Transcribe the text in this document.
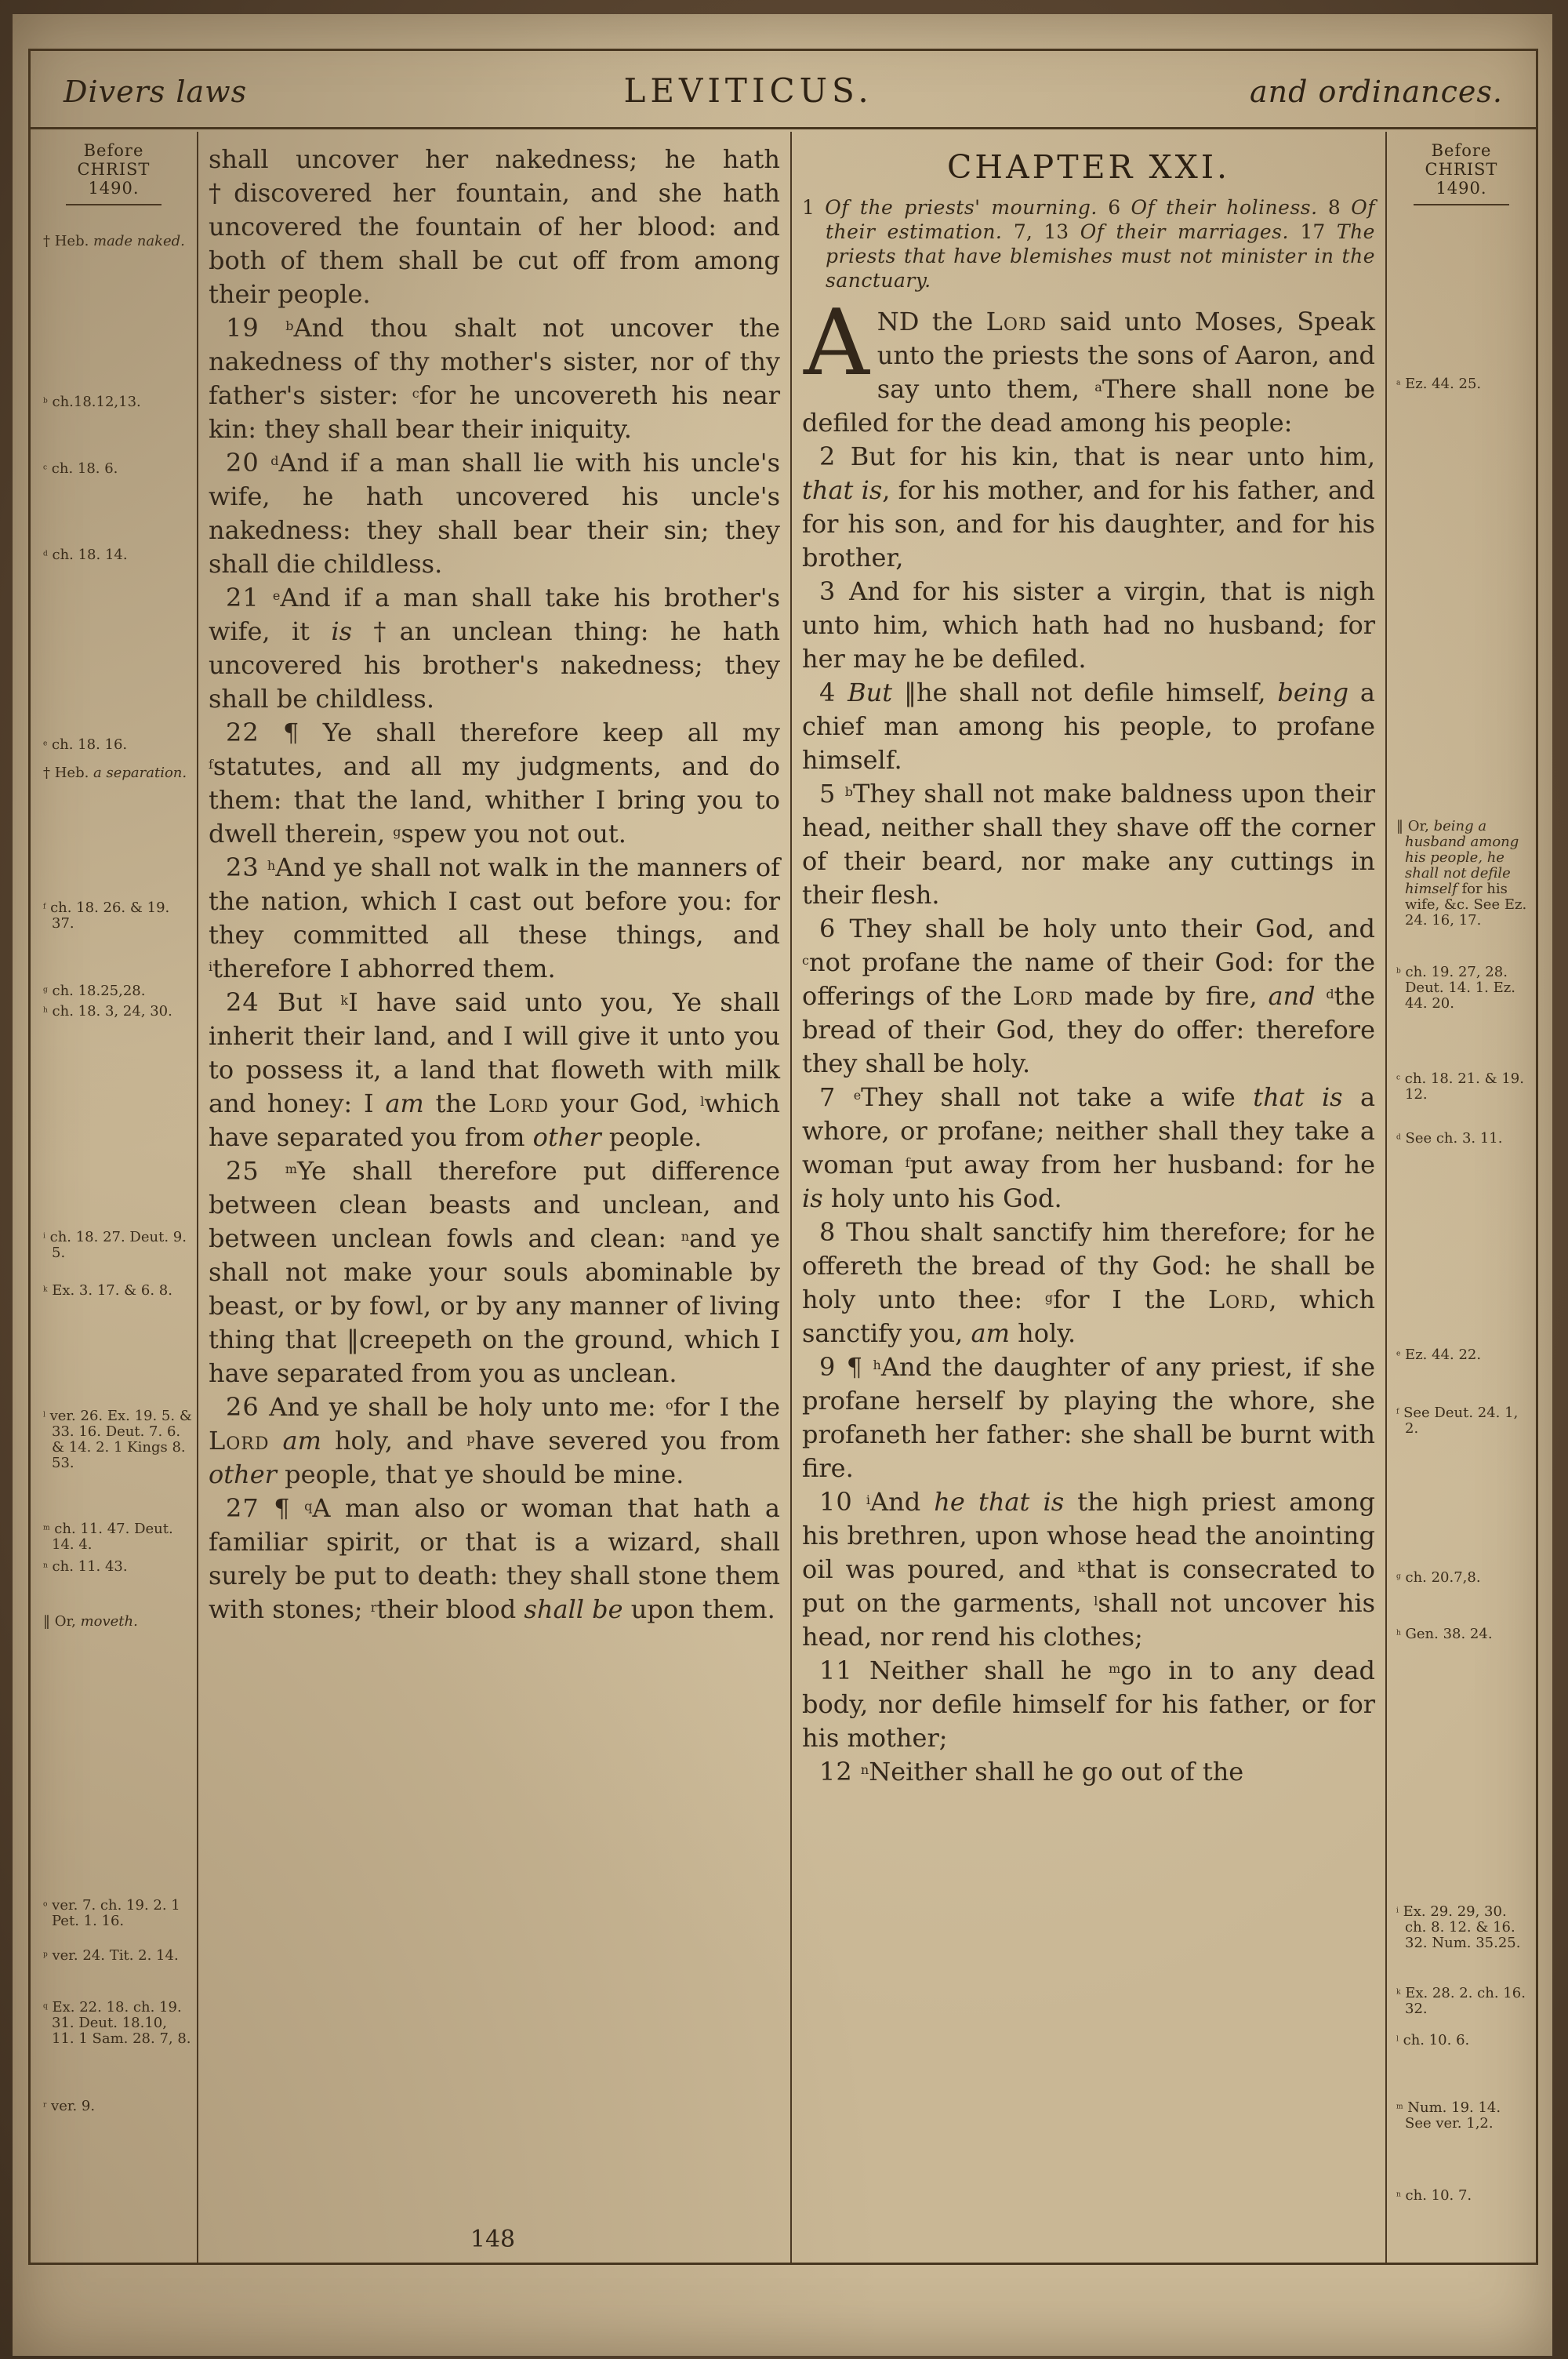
Divers laws	LEVITICUS.	and ordinances.
Before
CHRIST
1490.
† Heb. made naked.
$^b$ ch.18.12,13.
$^c$ ch. 18. 6.
$^d$ ch. 18. 14.
$^e$ ch. 18. 16.
† Heb. a separation.
$^f$ ch. 18. 26. & 19. 37.
$^g$ ch. 18.25,28.
$^h$ ch. 18. 3, 24, 30.
$^i$ ch. 18. 27. Deut. 9. 5.
$^k$ Ex. 3. 17. & 6. 8.
$^l$ ver. 26. Ex. 19. 5. & 33. 16. Deut. 7. 6. & 14. 2. 1 Kings 8. 53.
$^m$ ch. 11. 47. Deut. 14. 4.
$^n$ ch. 11. 43.
‖ Or, moveth.
$^o$ ver. 7. ch. 19. 2. 1 Pet. 1. 16.
$^p$ ver. 24. Tit. 2. 14.
$^q$ Ex. 22. 18. ch. 19. 31. Deut. 18.10, 11. 1 Sam. 28. 7, 8.
$^r$ ver. 9.

shall uncover her nakedness; he hath †discovered her fountain, and she hath uncovered the fountain of her blood: and both of them shall be cut off from among their people.

19 $^b$And thou shalt not uncover the nakedness of thy mother's sister, nor of thy father's sister: $^c$for he uncovereth his near kin: they shall bear their iniquity.

20 $^d$And if a man shall lie with his uncle's wife, he hath uncovered his uncle's nakedness: they shall bear their sin; they shall die childless.

21 $^e$And if a man shall take his brother's wife, it is †an unclean thing: he hath uncovered his brother's nakedness; they shall be childless.

22 ¶ Ye shall therefore keep all my $^f$statutes, and all my judgments, and do them: that the land, whither I bring you to dwell therein, $^g$spew you not out.

23 $^h$And ye shall not walk in the manners of the nation, which I cast out before you: for they committed all these things, and $^i$therefore I abhorred them.

24 But $^k$I have said unto you, Ye shall inherit their land, and I will give it unto you to possess it, a land that floweth with milk and honey: I am the Lord your God, $^l$which have separated you from other people.

25 $^m$Ye shall therefore put difference between clean beasts and unclean, and between unclean fowls and clean: $^n$and ye shall not make your souls abominable by beast, or by fowl, or by any manner of living thing that ‖creepeth on the ground, which I have separated from you as unclean.

26 And ye shall be holy unto me: $^o$for I the Lord am holy, and $^p$have severed you from other people, that ye should be mine.

27 ¶ $^q$A man also or woman that hath a familiar spirit, or that is a wizard, shall surely be put to death: they shall stone them with stones; $^r$their blood shall be upon them.

CHAPTER XXI.

1 Of the priests' mourning. 6 Of their holiness. 8 Of their estimation. 7, 13 Of their marriages. 17 The priests that have blemishes must not minister in the sanctuary.

AND the Lord said unto Moses, Speak unto the priests the sons of Aaron, and say unto them, $^a$There shall none be defiled for the dead among his people:

2 But for his kin, that is near unto him, that is, for his mother, and for his father, and for his son, and for his daughter, and for his brother,

3 And for his sister a virgin, that is nigh unto him, which hath had no husband; for her may he be defiled.

4 But ‖he shall not defile himself, being a chief man among his people, to profane himself.

5 $^b$They shall not make baldness upon their head, neither shall they shave off the corner of their beard, nor make any cuttings in their flesh.

6 They shall be holy unto their God, and $^c$not profane the name of their God: for the offerings of the Lord made by fire, and $^d$the bread of their God, they do offer: therefore they shall be holy.

7 $^e$They shall not take a wife that is a whore, or profane; neither shall they take a woman $^f$put away from her husband: for he is holy unto his God.

8 Thou shalt sanctify him therefore; for he offereth the bread of thy God: he shall be holy unto thee: $^g$for I the Lord, which sanctify you, am holy.

9 ¶ $^h$And the daughter of any priest, if she profane herself by playing the whore, she profaneth her father: she shall be burnt with fire.

10 $^i$And he that is the high priest among his brethren, upon whose head the anointing oil was poured, and $^k$that is consecrated to put on the garments, $^l$shall not uncover his head, nor rend his clothes;

11 Neither shall he $^m$go in to any dead body, nor defile himself for his father, or for his mother;

12 $^n$Neither shall he go out of the

Before
CHRIST
1490.
$^a$ Ez. 44. 25.
‖ Or, being a husband among his people, he shall not defile himself for his wife, &c. See Ez. 24. 16, 17.
$^b$ ch. 19. 27, 28. Deut. 14. 1. Ez. 44. 20.
$^c$ ch. 18. 21. & 19. 12.
$^d$ See ch. 3. 11.
$^e$ Ez. 44. 22.
$^f$ See Deut. 24. 1, 2.
$^g$ ch. 20.7,8.
$^h$ Gen. 38. 24.
$^i$ Ex. 29. 29, 30. ch. 8. 12. & 16. 32. Num. 35.25.
$^k$ Ex. 28. 2. ch. 16. 32.
$^l$ ch. 10. 6.
$^m$ Num. 19. 14. See ver. 1,2.
$^n$ ch. 10. 7.
148
